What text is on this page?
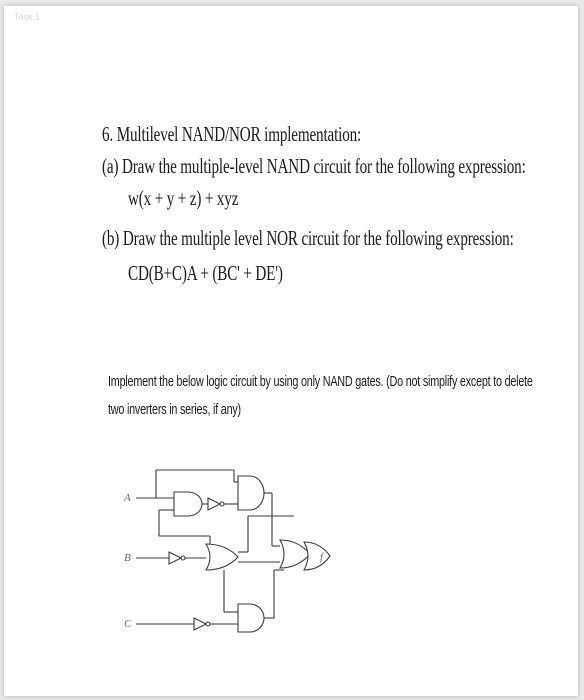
Task 1
6. Multilevel NAND/NOR implementation:
(a) Draw the multiple-level NAND circuit for the following expression:
w(x + y + z) + xyz
(b) Draw the multiple level NOR circuit for the following expression:
CD(B+C)A + (BC' + DE')
Implement the below logic circuit by using only NAND gates. (Do not simplify except to delete two inverters in series, if any)
A
B
C
f
